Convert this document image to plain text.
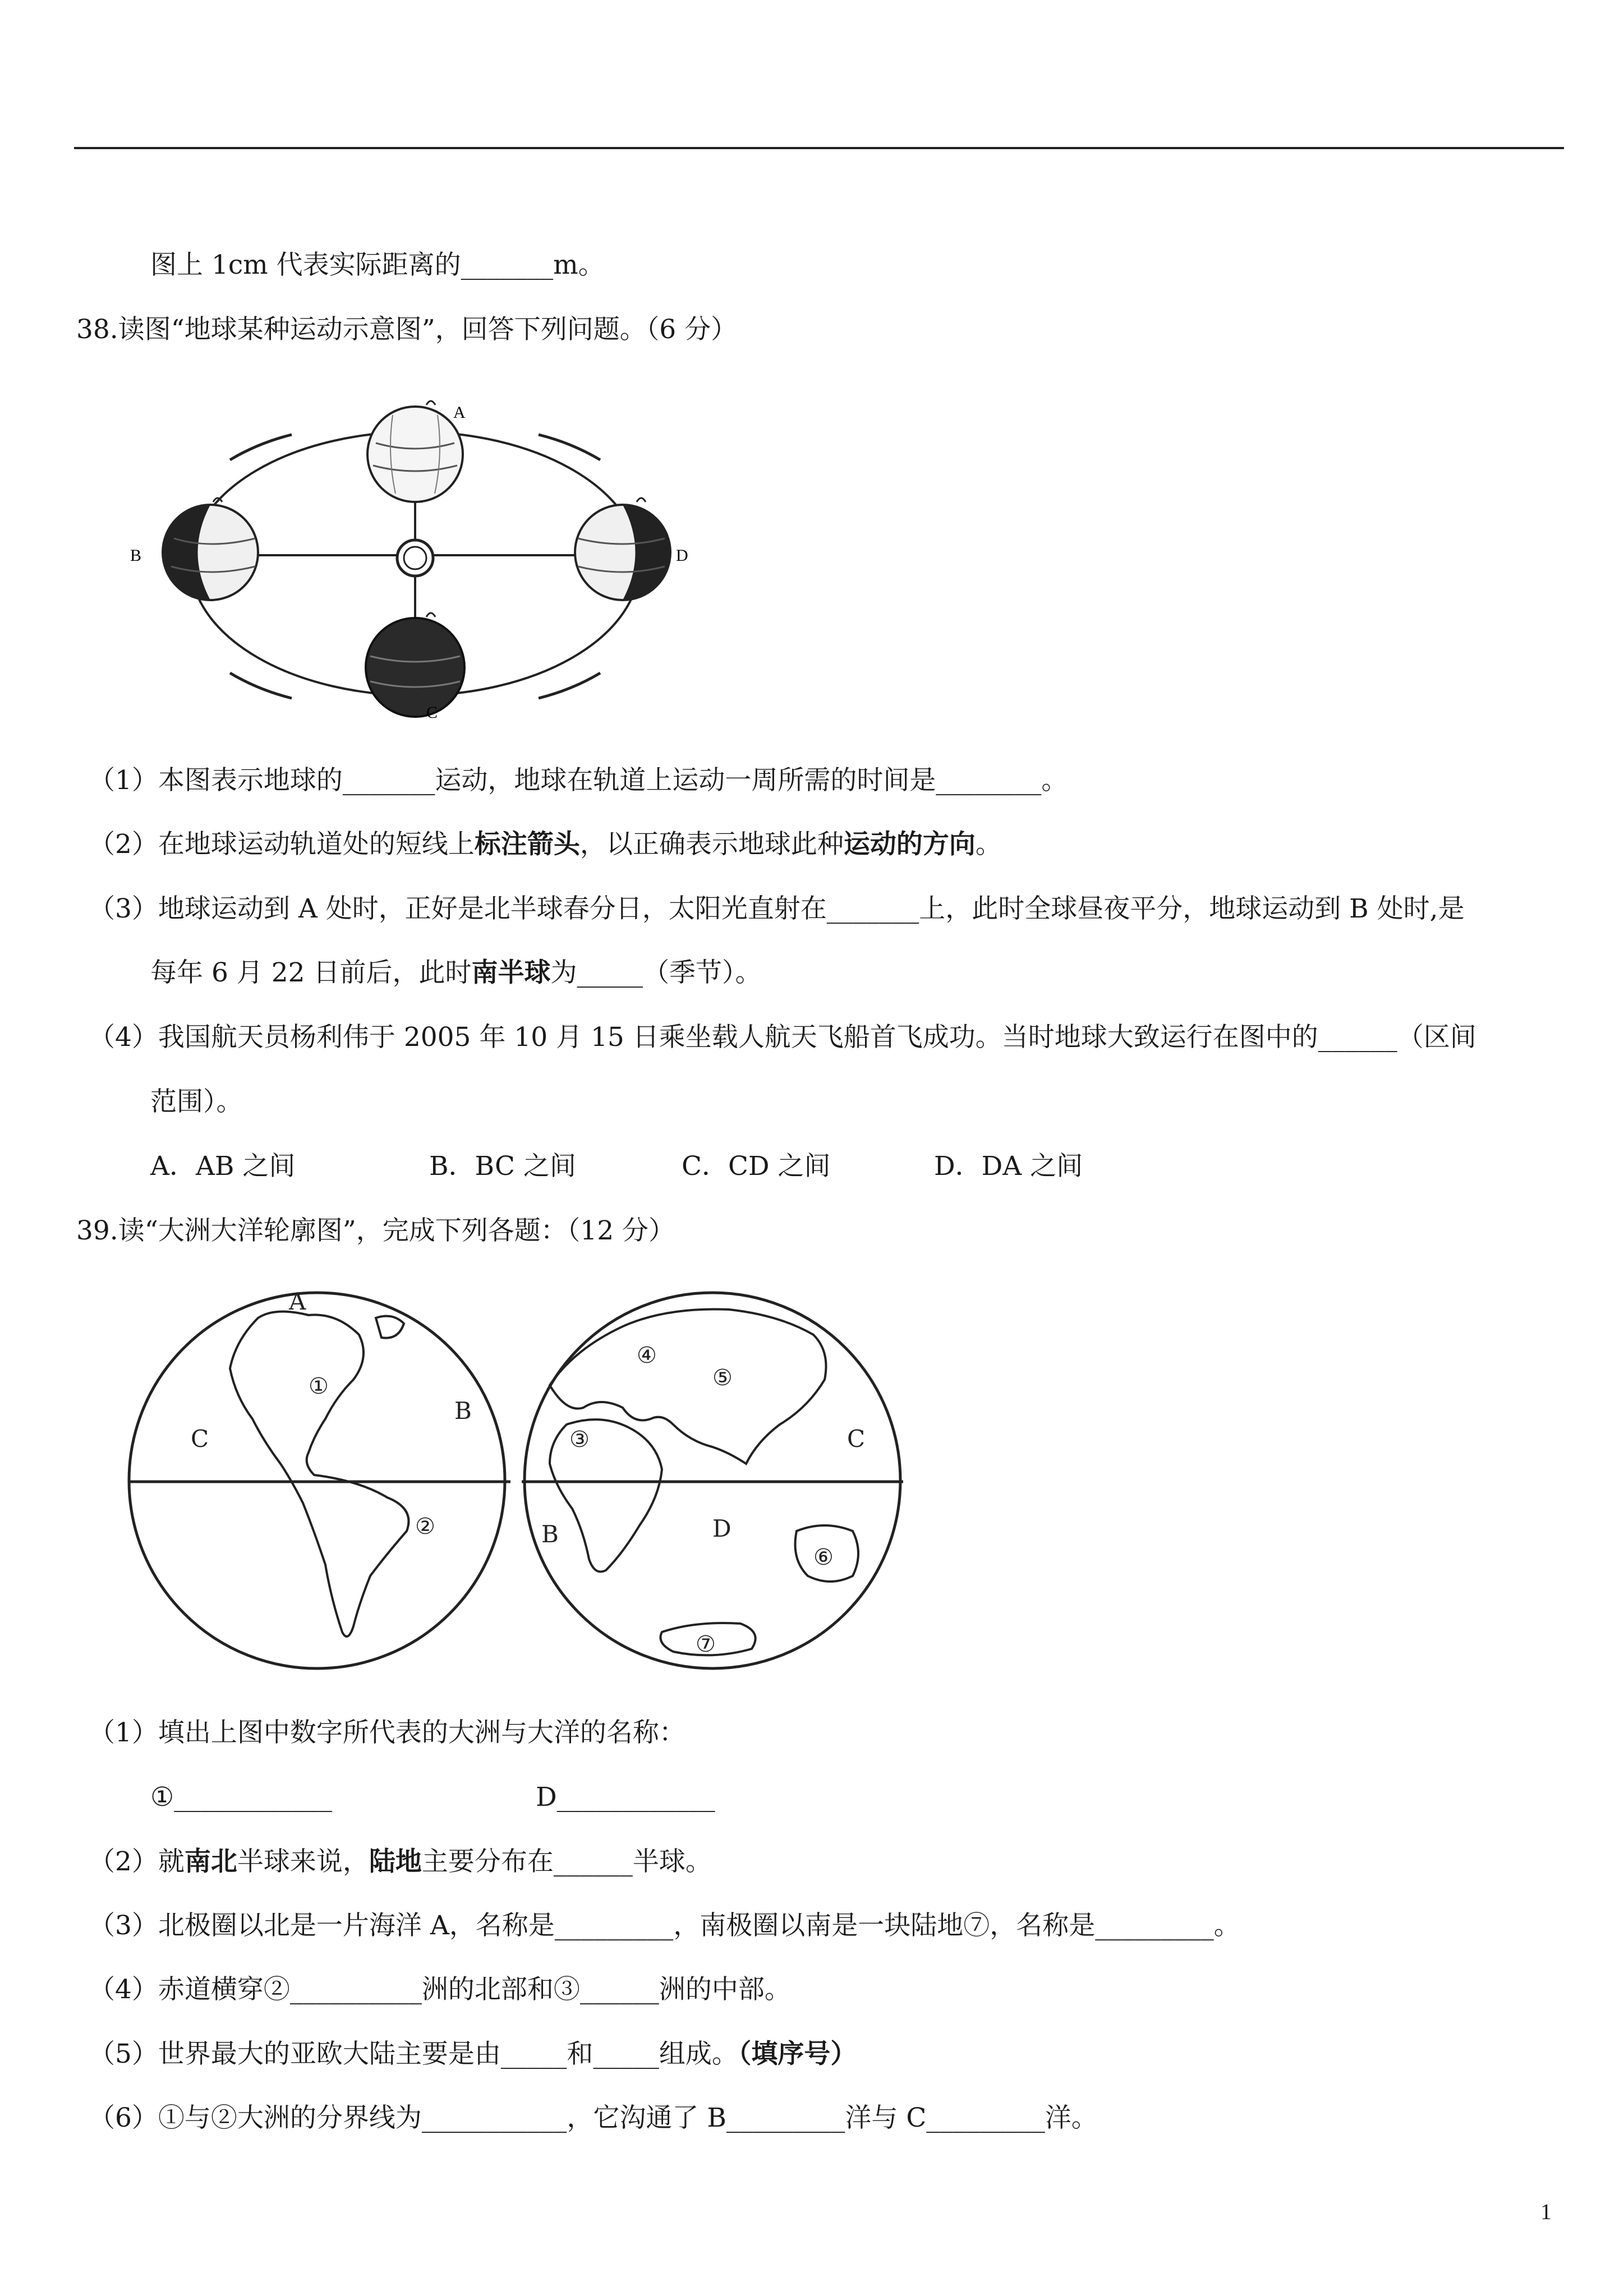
图上 1cm 代表实际距离的_______m。
38.读图“地球某种运动示意图”，回答下列问题。（6 分）
A
B	D
C
（1）本图表示地球的_______运动，地球在轨道上运动一周所需的时间是________。
（2）在地球运动轨道处的短线上标注箭头，以正确表示地球此种运动的方向。
（3）地球运动到 A 处时，正好是北半球春分日，太阳光直射在_______上，此时全球昼夜平分，地球运动到 B 处时,是
每年 6 月 22 日前后，此时南半球为_____（季节）。
（4）我国航天员杨利伟于 2005 年 10 月 15 日乘坐载人航天飞船首飞成功。当时地球大致运行在图中的______（区间
范围）。
A．AB 之间	B．BC 之间	C．CD 之间	D．DA 之间
39.读“大洲大洋轮廓图”，完成下列各题：（12 分）
A
C
B
①
②
③
④
⑤
⑥
⑦
B
C
D
（1）填出上图中数字所代表的大洲与大洋的名称：
①____________	D____________
（2）就南北半球来说，陆地主要分布在______半球。
（3）北极圈以北是一片海洋 A，名称是_________，南极圈以南是一块陆地⑦，名称是_________。
（4）赤道横穿②__________洲的北部和③______洲的中部。
（5）世界最大的亚欧大陆主要是由_____和_____组成。（填序号）
（6）①与②大洲的分界线为___________，它沟通了 B_________洋与 C_________洋。
1
